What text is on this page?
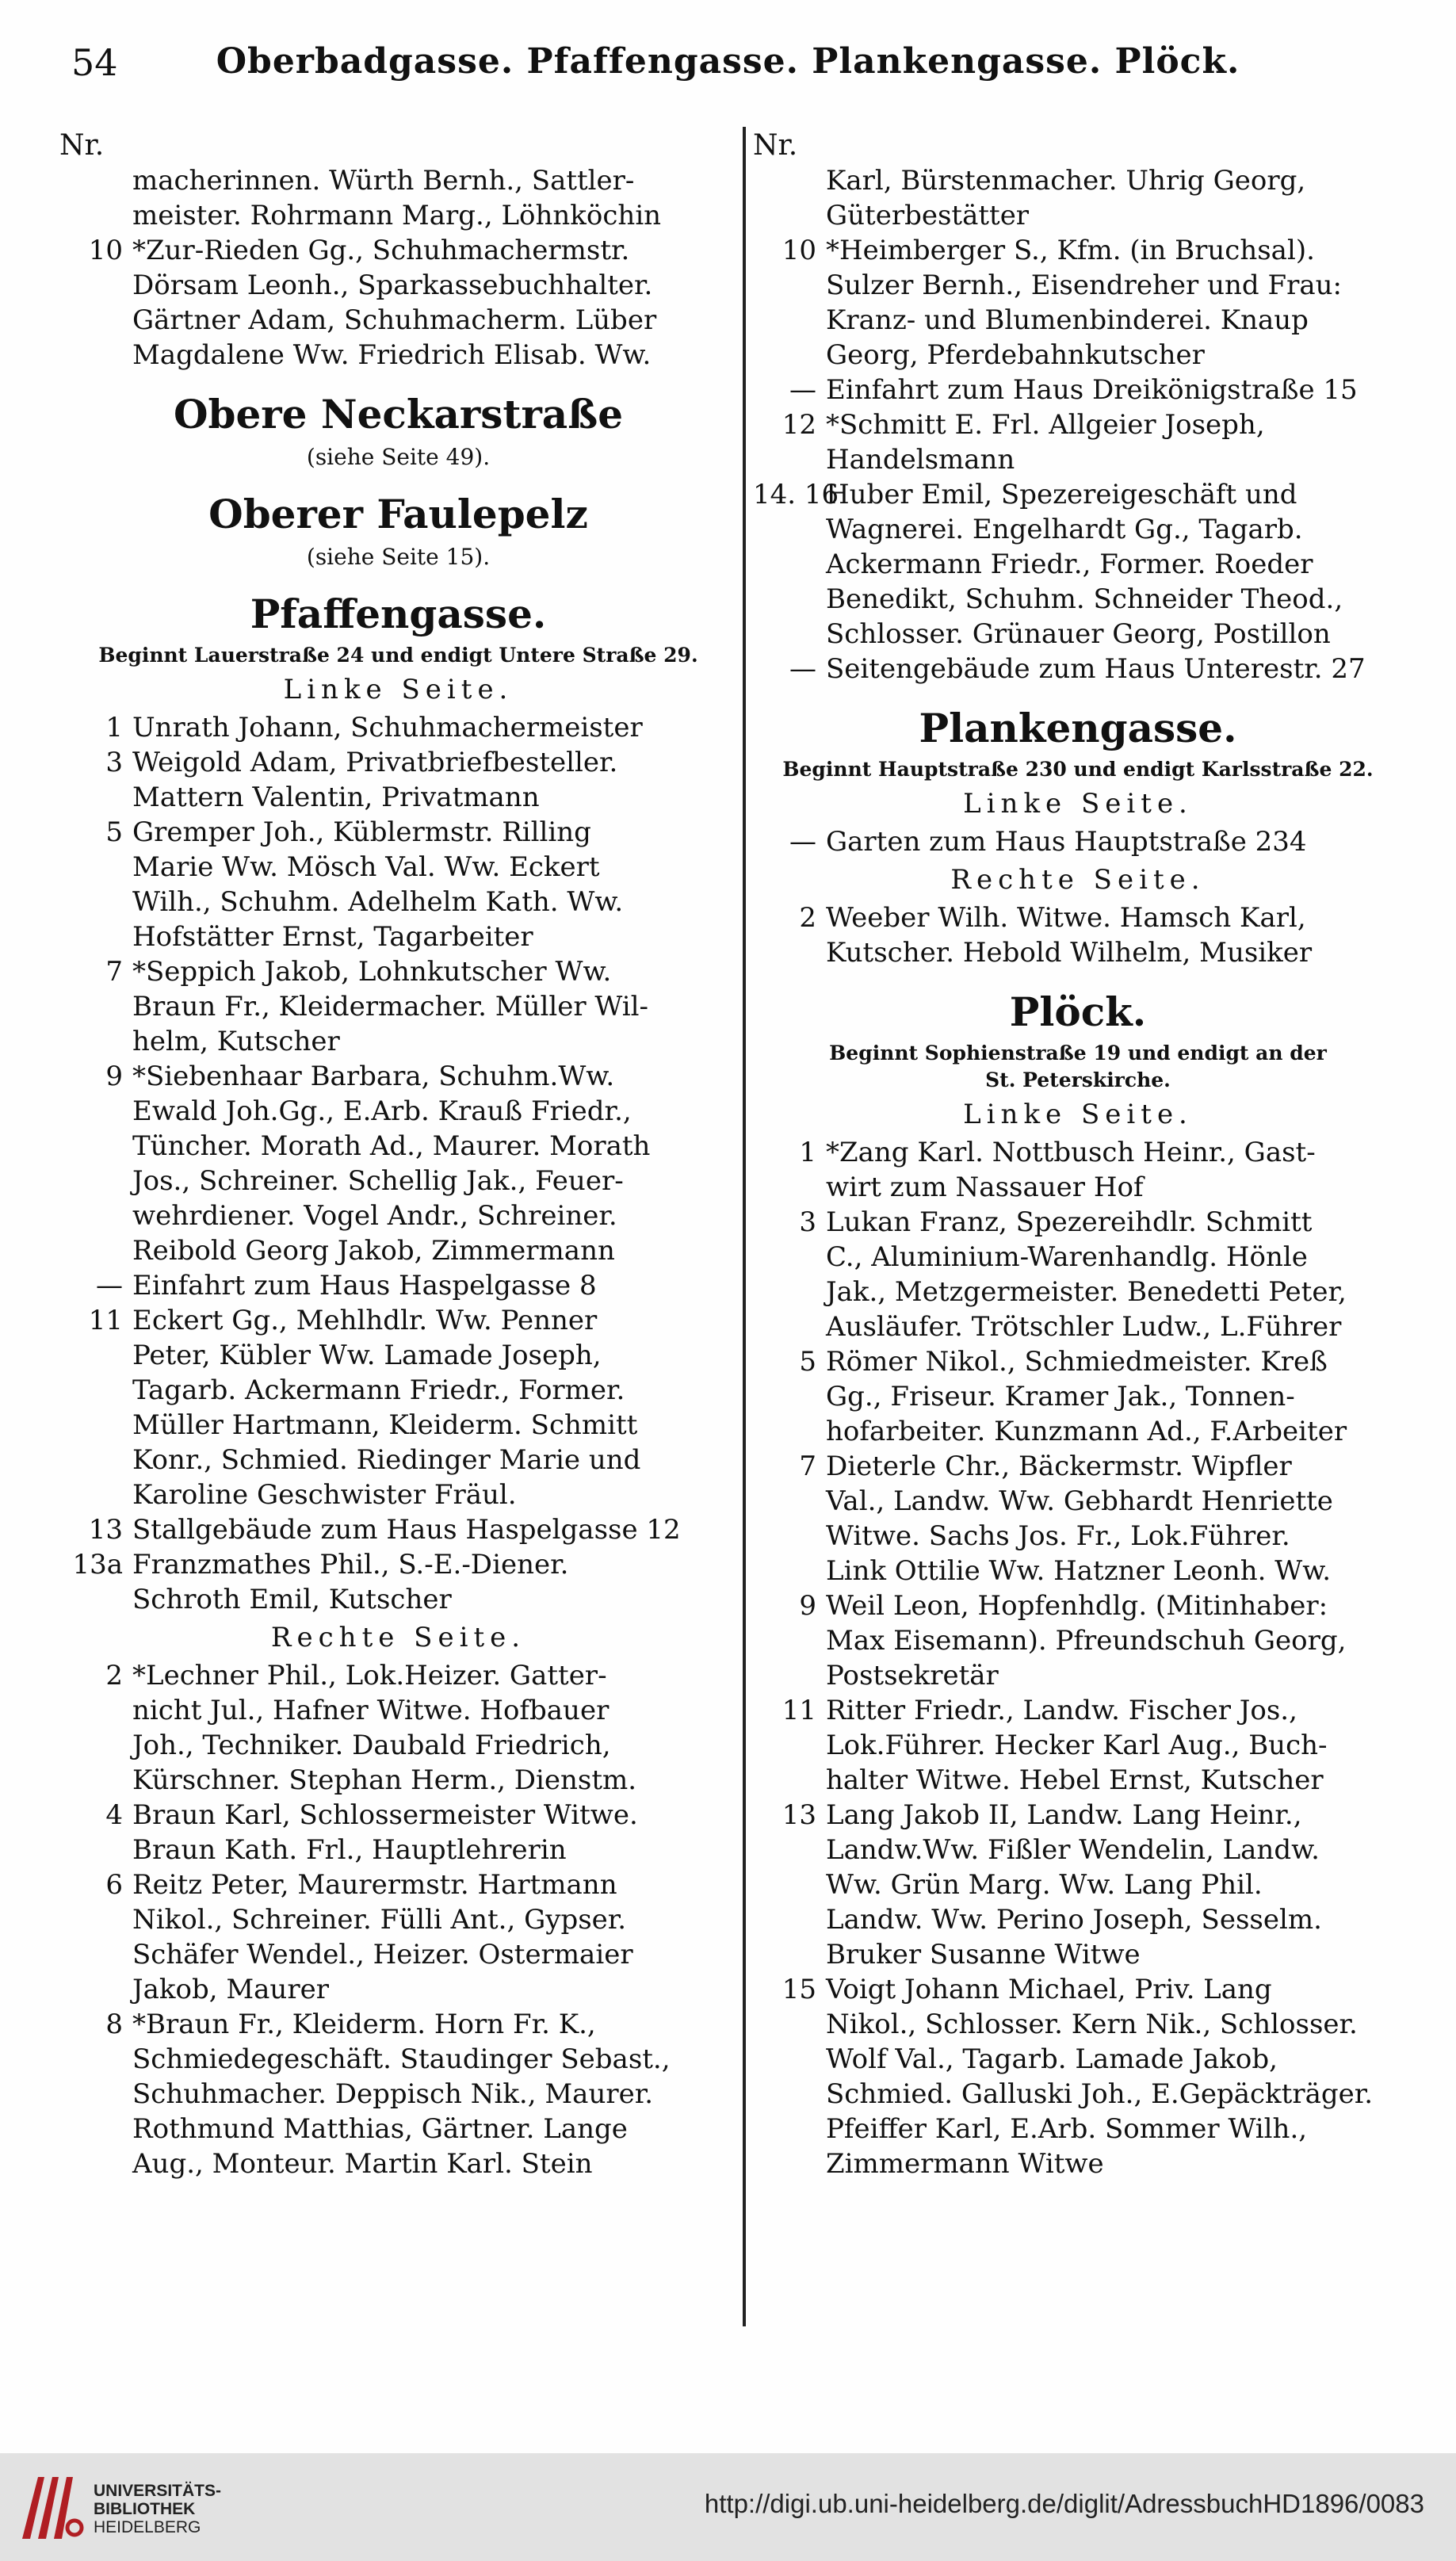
54	Oberbadgasse. Pfaffengasse. Plankengasse. Plöck.
Nr.
macherinnen. Würth Bernh., Sattler-
meister. Rohrmann Marg., Löhnköchin
10 *Zur-Rieden Gg., Schuhmachermstr.
Dörsam Leonh., Sparkassebuchhalter.
Gärtner Adam, Schuhmacherm. Lüber
Magdalene Ww. Friedrich Elisab. Ww.
Obere Neckarstraße
(siehe Seite 49).
Oberer Faulepelz
(siehe Seite 15).
Pfaffengasse.
Beginnt Lauerstraße 24 und endigt Untere Straße 29.
Linke Seite.
1 Unrath Johann, Schuhmachermeister
3 Weigold Adam, Privatbriefbesteller.
Mattern Valentin, Privatmann
5 Gremper Joh., Küblermstr. Rilling
Marie Ww. Mösch Val. Ww. Eckert
Wilh., Schuhm. Adelhelm Kath. Ww.
Hofstätter Ernst, Tagarbeiter
7 *Seppich Jakob, Lohnkutscher Ww.
Braun Fr., Kleidermacher. Müller Wil-
helm, Kutscher
9 *Siebenhaar Barbara, Schuhm.Ww.
Ewald Joh.Gg., E.Arb. Krauß Friedr.,
Tüncher. Morath Ad., Maurer. Morath
Jos., Schreiner. Schellig Jak., Feuer-
wehrdiener. Vogel Andr., Schreiner.
Reibold Georg Jakob, Zimmermann
— Einfahrt zum Haus Haspelgasse 8
11 Eckert Gg., Mehlhdlr. Ww. Penner
Peter, Kübler Ww. Lamade Joseph,
Tagarb. Ackermann Friedr., Former.
Müller Hartmann, Kleiderm. Schmitt
Konr., Schmied. Riedinger Marie und
Karoline Geschwister Fräul.
13 Stallgebäude zum Haus Haspelgasse 12
13a Franzmathes Phil., S.-E.-Diener.
Schroth Emil, Kutscher
Rechte Seite.
2 *Lechner Phil., Lok.Heizer. Gatter-
nicht Jul., Hafner Witwe. Hofbauer
Joh., Techniker. Daubald Friedrich,
Kürschner. Stephan Herm., Dienstm.
4 Braun Karl, Schlossermeister Witwe.
Braun Kath. Frl., Hauptlehrerin
6 Reitz Peter, Maurermstr. Hartmann
Nikol., Schreiner. Fülli Ant., Gypser.
Schäfer Wendel., Heizer. Ostermaier
Jakob, Maurer
8 *Braun Fr., Kleiderm. Horn Fr. K.,
Schmiedegeschäft. Staudinger Sebast.,
Schuhmacher. Deppisch Nik., Maurer.
Rothmund Matthias, Gärtner. Lange
Aug., Monteur. Martin Karl. Stein
Nr.
Karl, Bürstenmacher. Uhrig Georg,
Güterbestätter
10 *Heimberger S., Kfm. (in Bruchsal).
Sulzer Bernh., Eisendreher und Frau:
Kranz- und Blumenbinderei. Knaup
Georg, Pferdebahnkutscher
— Einfahrt zum Haus Dreikönigstraße 15
12 *Schmitt E. Frl. Allgeier Joseph,
Handelsmann
14. 16
Huber Emil, Spezereigeschäft und
Wagnerei. Engelhardt Gg., Tagarb.
Ackermann Friedr., Former. Roeder
Benedikt, Schuhm. Schneider Theod.,
Schlosser. Grünauer Georg, Postillon
— Seitengebäude zum Haus Unterestr. 27
Plankengasse.
Beginnt Hauptstraße 230 und endigt Karlsstraße 22.
Linke Seite.
— Garten zum Haus Hauptstraße 234
Rechte Seite.
2 Weeber Wilh. Witwe. Hamsch Karl,
Kutscher. Hebold Wilhelm, Musiker
Plöck.
Beginnt Sophienstraße 19 und endigt an der
St. Peterskirche.
Linke Seite.
1 *Zang Karl. Nottbusch Heinr., Gast-
wirt zum Nassauer Hof
3 Lukan Franz, Spezereihdlr. Schmitt
C., Aluminium-Warenhandlg. Hönle
Jak., Metzgermeister. Benedetti Peter,
Ausläufer. Trötschler Ludw., L.Führer
5 Römer Nikol., Schmiedmeister. Kreß
Gg., Friseur. Kramer Jak., Tonnen-
hofarbeiter. Kunzmann Ad., F.Arbeiter
7 Dieterle Chr., Bäckermstr. Wipfler
Val., Landw. Ww. Gebhardt Henriette
Witwe. Sachs Jos. Fr., Lok.Führer.
Link Ottilie Ww. Hatzner Leonh. Ww.
9 Weil Leon, Hopfenhdlg. (Mitinhaber:
Max Eisemann). Pfreundschuh Georg,
Postsekretär
11 Ritter Friedr., Landw. Fischer Jos.,
Lok.Führer. Hecker Karl Aug., Buch-
halter Witwe. Hebel Ernst, Kutscher
13 Lang Jakob II, Landw. Lang Heinr.,
Landw.Ww. Fißler Wendelin, Landw.
Ww. Grün Marg. Ww. Lang Phil.
Landw. Ww. Perino Joseph, Sesselm.
Bruker Susanne Witwe
15 Voigt Johann Michael, Priv. Lang
Nikol., Schlosser. Kern Nik., Schlosser.
Wolf Val., Tagarb. Lamade Jakob,
Schmied. Galluski Joh., E.Gepäckträger.
Pfeiffer Karl, E.Arb. Sommer Wilh.,
Zimmermann Witwe
UNIVERSITÄTS-
BIBLIOTHEK
HEIDELBERG
http://digi.ub.uni-heidelberg.de/diglit/AdressbuchHD1896/0083
